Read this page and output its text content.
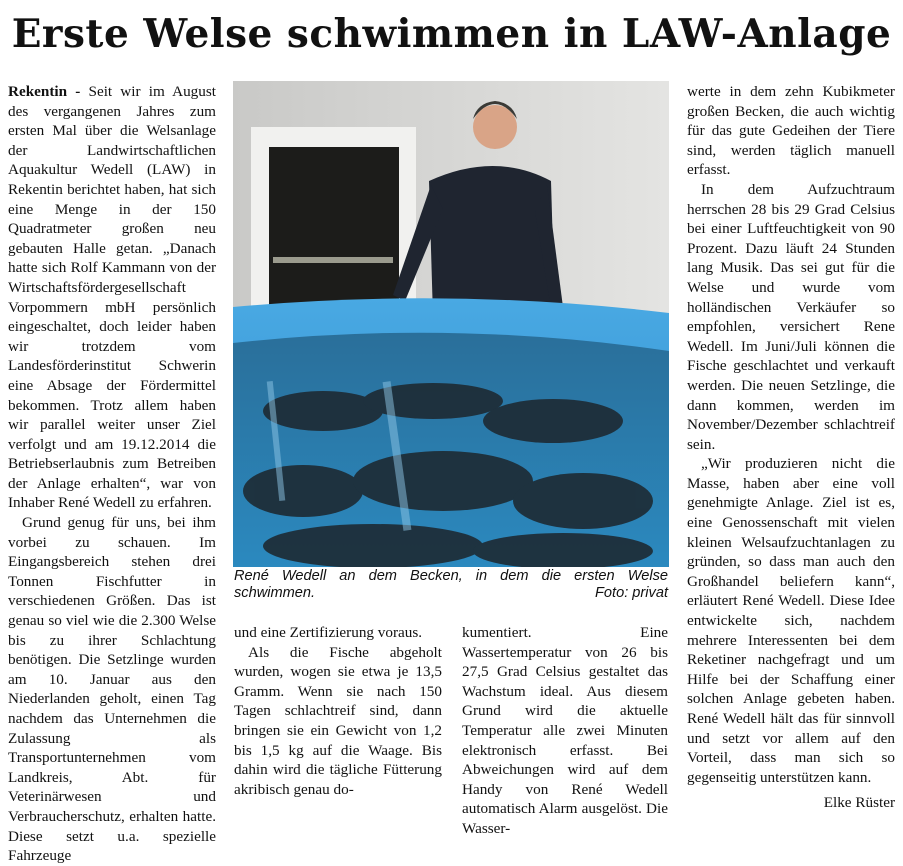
Erste Welse schwimmen in LAW-Anlage

Rekentin - Seit wir im August des vergangenen Jahres zum ersten Mal über die Welsanlage der Landwirtschaftlichen Aquakultur Wedell (LAW) in Rekentin berichtet haben, hat sich eine Menge in der 150 Quadratmeter großen neu gebauten Halle getan. „Danach hatte sich Rolf Kammann von der Wirtschaftsfördergesellschaft Vorpommern mbH persönlich eingeschaltet, doch leider haben wir trotzdem vom Landesförderinstitut Schwerin eine Absage der Fördermittel bekommen. Trotz allem haben wir parallel weiter unser Ziel verfolgt und am 19.12.2014 die Betriebserlaubnis zum Betreiben der Anlage erhalten“, war von Inhaber René Wedell zu erfahren.

Grund genug für uns, bei ihm vorbei zu schauen. Im Eingangsbereich stehen drei Tonnen Fischfutter in verschiedenen Größen. Das ist genau so viel wie die 2.300 Welse bis zu ihrer Schlachtung benötigen. Die Setzlinge wurden am 10. Januar aus den Niederlanden geholt, einen Tag nachdem das Unternehmen die Zulassung als Transportunternehmen vom Landkreis, Abt. für Veterinärwesen und Verbraucherschutz, erhalten hatte. Diese setzt u.a. spezielle Fahrzeuge

René Wedell an dem Becken, in dem die ersten Welse schwimmen.	Foto: privat

und eine Zertifizierung voraus.

Als die Fische abgeholt wurden, wogen sie etwa je 13,5 Gramm. Wenn sie nach 150 Tagen schlachtreif sind, dann bringen sie ein Gewicht von 1,2 bis 1,5 kg auf die Waage. Bis dahin wird die tägliche Fütterung akribisch genau do-

kumentiert. Eine Wassertemperatur von 26 bis 27,5 Grad Celsius gestaltet das Wachstum ideal. Aus diesem Grund wird die aktuelle Temperatur alle zwei Minuten elektronisch erfasst. Bei Abweichungen wird auf dem Handy von René Wedell automatisch Alarm ausgelöst. Die Wasser-

werte in dem zehn Kubikmeter großen Becken, die auch wichtig für das gute Gedeihen der Tiere sind, werden täglich manuell erfasst.

In dem Aufzuchtraum herrschen 28 bis 29 Grad Celsius bei einer Luftfeuchtigkeit von 90 Prozent. Dazu läuft 24 Stunden lang Musik. Das sei gut für die Welse und wurde vom holländischen Verkäufer so empfohlen, versichert Rene Wedell. Im Juni/Juli können die Fische geschlachtet und verkauft werden. Die neuen Setzlinge, die dann kommen, werden im November/Dezember schlachtreif sein.

„Wir produzieren nicht die Masse, haben aber eine voll genehmigte Anlage. Ziel ist es, eine Genossenschaft mit vielen kleinen Welsaufzuchtanlagen zu gründen, so dass man auch den Großhandel beliefern kann“, erläutert René Wedell. Diese Idee entwickelte sich, nachdem mehrere Interessenten bei dem Reketiner nachgefragt und um Hilfe bei der Schaffung einer solchen Anlage gebeten haben. René Wedell hält das für sinnvoll und setzt vor allem auf den Vorteil, dass man sich so gegenseitig unterstützen kann.

Elke Rüster
